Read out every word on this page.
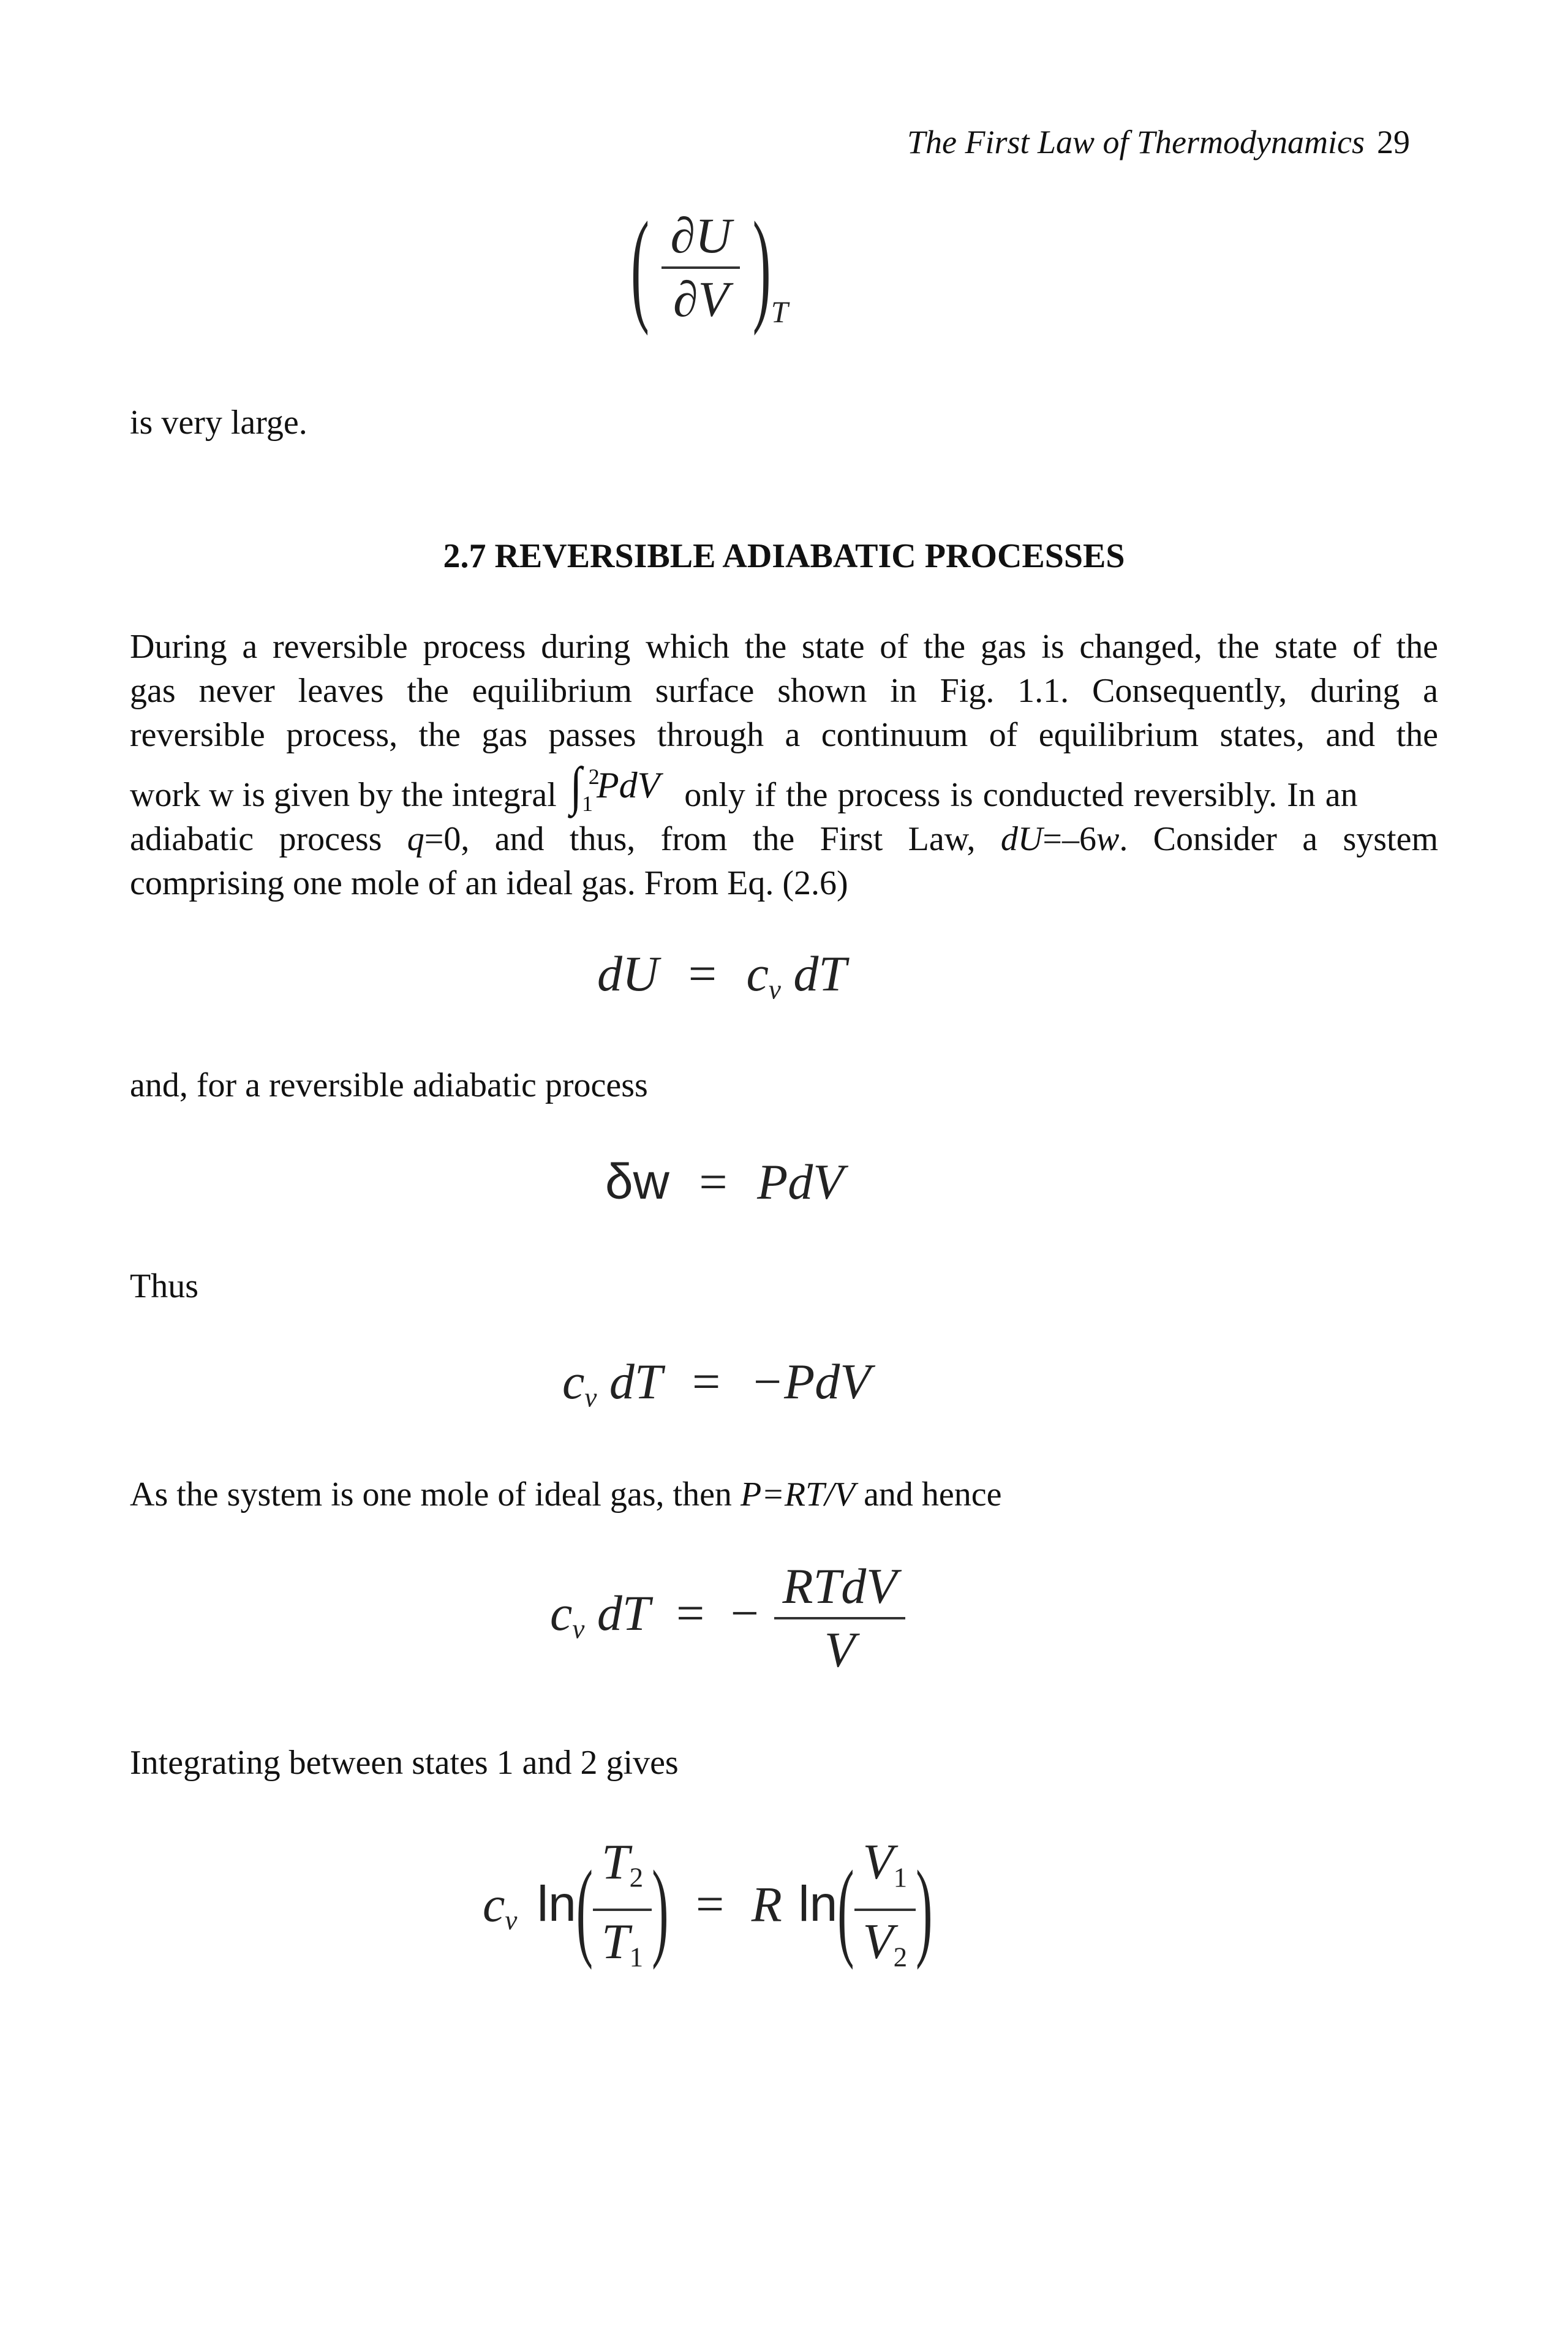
The First Law of Thermodynamics 29
( $\frac{\partial U}{\partial V} )_T$
is very large.
2.7 REVERSIBLE ADIABATIC PROCESSES
During a reversible process during which the state of the gas is changed, the state of the
gas never leaves the equilibrium surface shown in Fig. 1.1. Consequently, during a
reversible process, the gas passes through a continuum of equilibrium states, and the
work w is given by the integral ∫1
2
PdV only if the process is conducted reversibly. In an
adiabatic process q=0, and thus, from the First Law, dU=–6w. Consider a system
comprising one mole of an ideal gas. From Eq. (2.6)
dU = $c_v$ dT
and, for a reversible adiabatic process
δw = PdV
Thus
$c_v$ dT = −PdV
As the system is one mole of ideal gas, then P=RT/V and hence
$c_v$ dT = − $\frac{\text{RTdV}}{V}$
Integrating between states 1 and 2 gives
$c_v$ $\ln( \frac{T2}{T1}$ ) = R $\ln( \frac{V1}{V2}$ )
